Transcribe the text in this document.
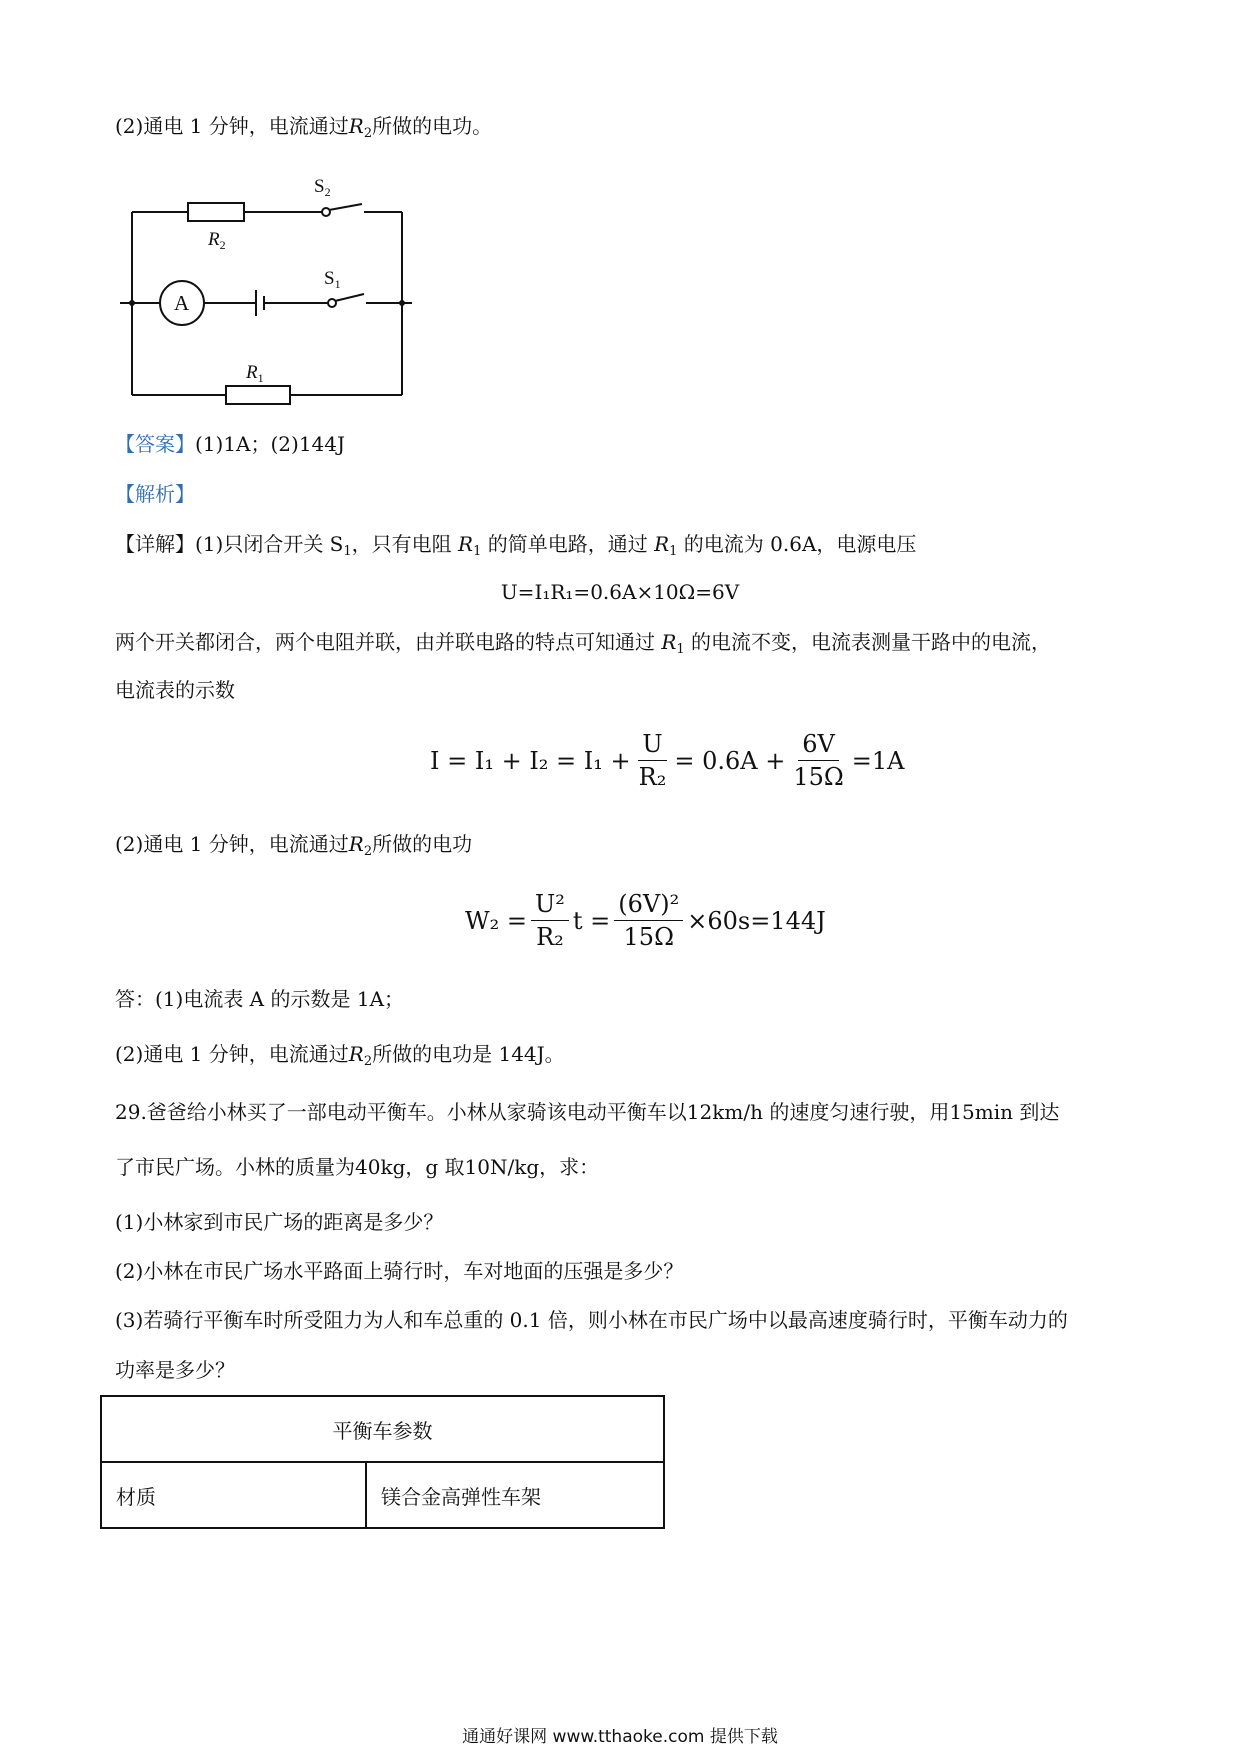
(2)通电 1 分钟，电流通过$R_2$所做的电功。
$S_2$
$R_2$
A
$S_1$
$R_1$
【答案】(1)1A；(2)144J
【解析】
【详解】(1)只闭合开关 $S_1$，只有电阻 $R_1$ 的简单电路，通过 $R_1$ 的电流为 0.6A，电源电压
U=I₁R₁=0.6A×10Ω=6V
两个开关都闭合，两个电阻并联，由并联电路的特点可知通过 $R_1$ 的电流不变，电流表测量干路中的电流，
电流表的示数
$I = I_1 + I_2 = I_1 + \frac{U}{\text{R₂}} = 0.6A + \frac{6V}{15\Omega} =1A$
(2)通电 1 分钟，电流通过$R_2$所做的电功
$W_2 = \frac{\text{U²}}{\text{R₂}}$ $t = \frac{\text{(6V)²}}{15\Omega} \times 60s=144J$
答：(1)电流表 A 的示数是 1A；
(2)通电 1 分钟，电流通过$R_2$所做的电功是 144J。
29.爸爸给小林买了一部电动平衡车。小林从家骑该电动平衡车以12km/h 的速度匀速行驶，用15min 到达
了市民广场。小林的质量为40kg，g 取10N/kg，求：
(1)小林家到市民广场的距离是多少？
(2)小林在市民广场水平路面上骑行时，车对地面的压强是多少？
(3)若骑行平衡车时所受阻力为人和车总重的 0.1 倍，则小林在市民广场中以最高速度骑行时，平衡车动力的
功率是多少？
平衡车参数
材质	镁合金高弹性车架
通通好课网 www.tthaoke.com 提供下载
